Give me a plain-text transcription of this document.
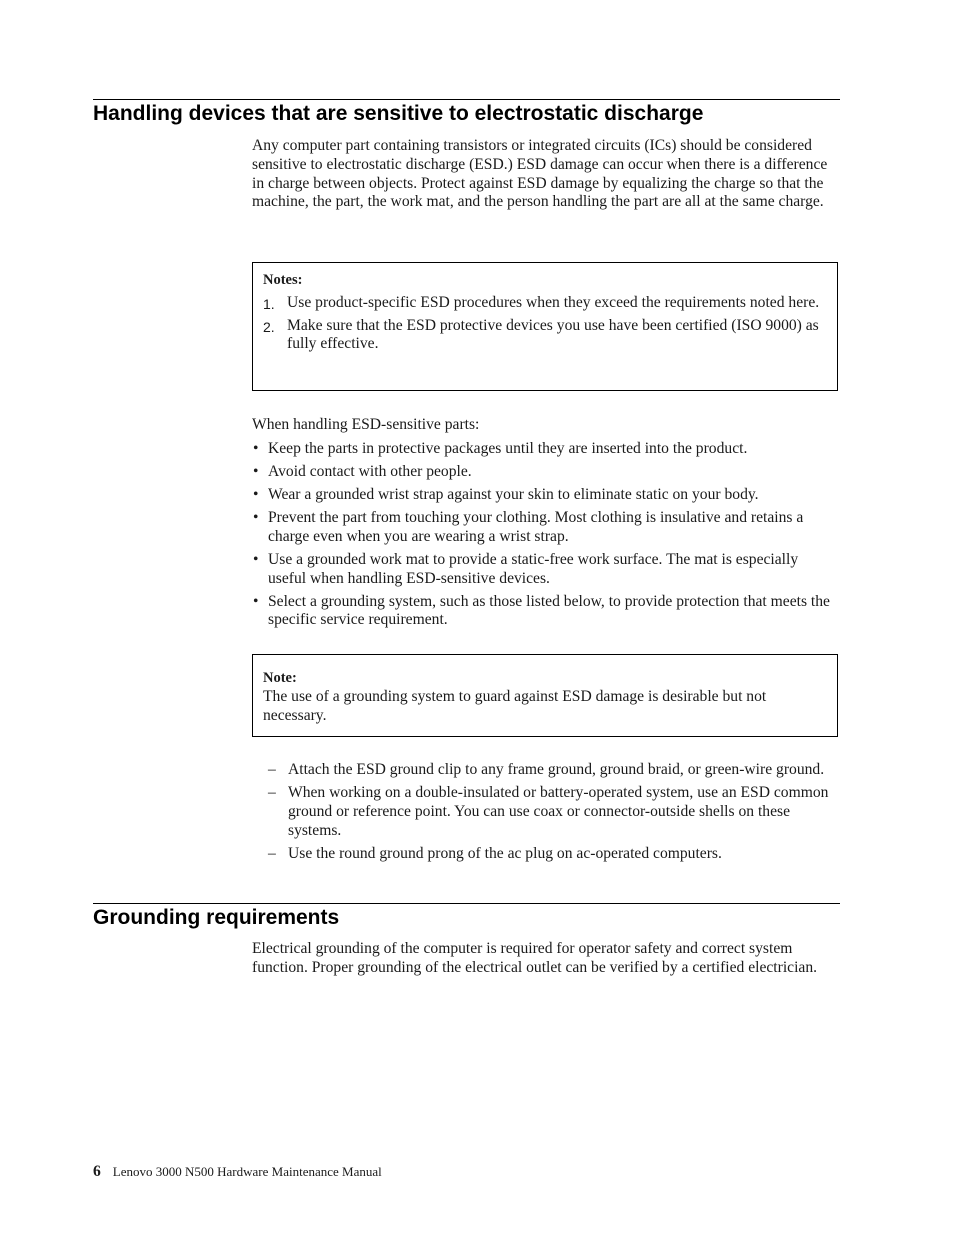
Handling devices that are sensitive to electrostatic discharge

Any computer part containing transistors or integrated circuits (ICs) should be considered sensitive to electrostatic discharge (ESD.) ESD damage can occur when there is a difference in charge between objects. Protect against ESD damage by equalizing the charge so that the machine, the part, the work mat, and the person handling the part are all at the same charge.

Notes:

1. Use product-specific ESD procedures when they exceed the requirements noted here.
2. Make sure that the ESD protective devices you use have been certified (ISO 9000) as fully effective.

When handling ESD-sensitive parts:

• Keep the parts in protective packages until they are inserted into the product.
• Avoid contact with other people.
• Wear a grounded wrist strap against your skin to eliminate static on your body.
• Prevent the part from touching your clothing. Most clothing is insulative and retains a charge even when you are wearing a wrist strap.
• Use a grounded work mat to provide a static-free work surface. The mat is especially useful when handling ESD-sensitive devices.
• Select a grounding system, such as those listed below, to provide protection that meets the specific service requirement.

Note:

The use of a grounding system to guard against ESD damage is desirable but not necessary.

– Attach the ESD ground clip to any frame ground, ground braid, or green-wire ground.
– When working on a double-insulated or battery-operated system, use an ESD common ground or reference point. You can use coax or connector-outside shells on these systems.
– Use the round ground prong of the ac plug on ac-operated computers.
Grounding requirements

Electrical grounding of the computer is required for operator safety and correct system function. Proper grounding of the electrical outlet can be verified by a certified electrician.

6 Lenovo 3000 N500 Hardware Maintenance Manual
